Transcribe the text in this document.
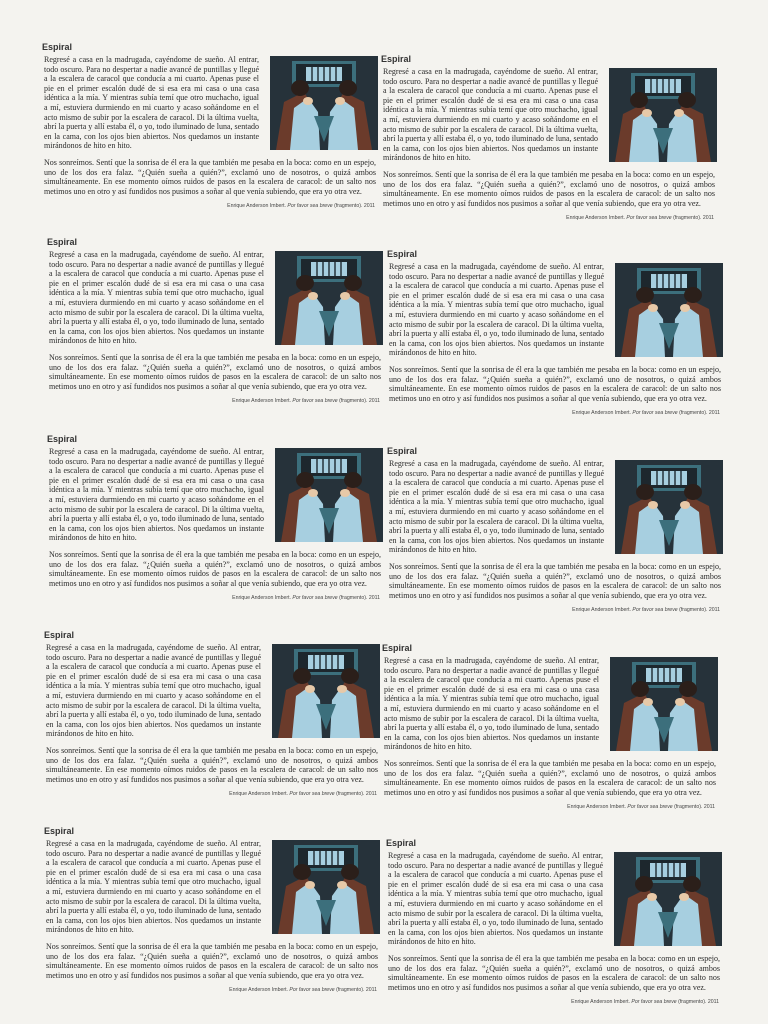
Espiral

Regresé a casa en la madrugada, cayéndome de sueño. Al entrar, todo oscuro. Para no despertar a nadie avancé de puntillas y llegué a la escalera de caracol que conducía a mi cuarto. Apenas puse el pie en el primer escalón dudé de si esa era mi casa o una casa idéntica a la mía. Y mientras subía temí que otro muchacho, igual a mí, estuviera durmiendo en mi cuarto y acaso soñándome en el acto mismo de subir por la escalera de caracol. Di la última vuelta, abrí la puerta y allí estaba él, o yo, todo iluminado de luna, sentado en la cama, con los ojos bien abiertos. Nos quedamos un instante mirándonos de hito en hito.

Nos sonreímos. Sentí que la sonrisa de él era la que también me pesaba en la boca: como en un espejo, uno de los dos era falaz. “¿Quién sueña a quién?”, exclamó uno de nosotros, o quizá ambos simultáneamente. En ese momento oímos ruidos de pasos en la escalera de caracol: de un salto nos metimos uno en otro y así fundidos nos pusimos a soñar al que venía subiendo, que era yo otra vez.

Enrique Anderson Imbert. Por favor sea breve (fragmento). 2011
Espiral

Regresé a casa en la madrugada, cayéndome de sueño. Al entrar, todo oscuro. Para no despertar a nadie avancé de puntillas y llegué a la escalera de caracol que conducía a mi cuarto. Apenas puse el pie en el primer escalón dudé de si esa era mi casa o una casa idéntica a la mía. Y mientras subía temí que otro muchacho, igual a mí, estuviera durmiendo en mi cuarto y acaso soñándome en el acto mismo de subir por la escalera de caracol. Di la última vuelta, abrí la puerta y allí estaba él, o yo, todo iluminado de luna, sentado en la cama, con los ojos bien abiertos. Nos quedamos un instante mirándonos de hito en hito.

Nos sonreímos. Sentí que la sonrisa de él era la que también me pesaba en la boca: como en un espejo, uno de los dos era falaz. “¿Quién sueña a quién?”, exclamó uno de nosotros, o quizá ambos simultáneamente. En ese momento oímos ruidos de pasos en la escalera de caracol: de un salto nos metimos uno en otro y así fundidos nos pusimos a soñar al que venía subiendo, que era yo otra vez.

Enrique Anderson Imbert. Por favor sea breve (fragmento). 2011
Espiral

Regresé a casa en la madrugada, cayéndome de sueño. Al entrar, todo oscuro. Para no despertar a nadie avancé de puntillas y llegué a la escalera de caracol que conducía a mi cuarto. Apenas puse el pie en el primer escalón dudé de si esa era mi casa o una casa idéntica a la mía. Y mientras subía temí que otro muchacho, igual a mí, estuviera durmiendo en mi cuarto y acaso soñándome en el acto mismo de subir por la escalera de caracol. Di la última vuelta, abrí la puerta y allí estaba él, o yo, todo iluminado de luna, sentado en la cama, con los ojos bien abiertos. Nos quedamos un instante mirándonos de hito en hito.

Nos sonreímos. Sentí que la sonrisa de él era la que también me pesaba en la boca: como en un espejo, uno de los dos era falaz. “¿Quién sueña a quién?”, exclamó uno de nosotros, o quizá ambos simultáneamente. En ese momento oímos ruidos de pasos en la escalera de caracol: de un salto nos metimos uno en otro y así fundidos nos pusimos a soñar al que venía subiendo, que era yo otra vez.

Enrique Anderson Imbert. Por favor sea breve (fragmento). 2011
Espiral

Regresé a casa en la madrugada, cayéndome de sueño. Al entrar, todo oscuro. Para no despertar a nadie avancé de puntillas y llegué a la escalera de caracol que conducía a mi cuarto. Apenas puse el pie en el primer escalón dudé de si esa era mi casa o una casa idéntica a la mía. Y mientras subía temí que otro muchacho, igual a mí, estuviera durmiendo en mi cuarto y acaso soñándome en el acto mismo de subir por la escalera de caracol. Di la última vuelta, abrí la puerta y allí estaba él, o yo, todo iluminado de luna, sentado en la cama, con los ojos bien abiertos. Nos quedamos un instante mirándonos de hito en hito.

Nos sonreímos. Sentí que la sonrisa de él era la que también me pesaba en la boca: como en un espejo, uno de los dos era falaz. “¿Quién sueña a quién?”, exclamó uno de nosotros, o quizá ambos simultáneamente. En ese momento oímos ruidos de pasos en la escalera de caracol: de un salto nos metimos uno en otro y así fundidos nos pusimos a soñar al que venía subiendo, que era yo otra vez.

Enrique Anderson Imbert. Por favor sea breve (fragmento). 2011
Espiral

Regresé a casa en la madrugada, cayéndome de sueño. Al entrar, todo oscuro. Para no despertar a nadie avancé de puntillas y llegué a la escalera de caracol que conducía a mi cuarto. Apenas puse el pie en el primer escalón dudé de si esa era mi casa o una casa idéntica a la mía. Y mientras subía temí que otro muchacho, igual a mí, estuviera durmiendo en mi cuarto y acaso soñándome en el acto mismo de subir por la escalera de caracol. Di la última vuelta, abrí la puerta y allí estaba él, o yo, todo iluminado de luna, sentado en la cama, con los ojos bien abiertos. Nos quedamos un instante mirándonos de hito en hito.

Nos sonreímos. Sentí que la sonrisa de él era la que también me pesaba en la boca: como en un espejo, uno de los dos era falaz. “¿Quién sueña a quién?”, exclamó uno de nosotros, o quizá ambos simultáneamente. En ese momento oímos ruidos de pasos en la escalera de caracol: de un salto nos metimos uno en otro y así fundidos nos pusimos a soñar al que venía subiendo, que era yo otra vez.

Enrique Anderson Imbert. Por favor sea breve (fragmento). 2011
Espiral

Regresé a casa en la madrugada, cayéndome de sueño. Al entrar, todo oscuro. Para no despertar a nadie avancé de puntillas y llegué a la escalera de caracol que conducía a mi cuarto. Apenas puse el pie en el primer escalón dudé de si esa era mi casa o una casa idéntica a la mía. Y mientras subía temí que otro muchacho, igual a mí, estuviera durmiendo en mi cuarto y acaso soñándome en el acto mismo de subir por la escalera de caracol. Di la última vuelta, abrí la puerta y allí estaba él, o yo, todo iluminado de luna, sentado en la cama, con los ojos bien abiertos. Nos quedamos un instante mirándonos de hito en hito.

Nos sonreímos. Sentí que la sonrisa de él era la que también me pesaba en la boca: como en un espejo, uno de los dos era falaz. “¿Quién sueña a quién?”, exclamó uno de nosotros, o quizá ambos simultáneamente. En ese momento oímos ruidos de pasos en la escalera de caracol: de un salto nos metimos uno en otro y así fundidos nos pusimos a soñar al que venía subiendo, que era yo otra vez.

Enrique Anderson Imbert. Por favor sea breve (fragmento). 2011
Espiral

Regresé a casa en la madrugada, cayéndome de sueño. Al entrar, todo oscuro. Para no despertar a nadie avancé de puntillas y llegué a la escalera de caracol que conducía a mi cuarto. Apenas puse el pie en el primer escalón dudé de si esa era mi casa o una casa idéntica a la mía. Y mientras subía temí que otro muchacho, igual a mí, estuviera durmiendo en mi cuarto y acaso soñándome en el acto mismo de subir por la escalera de caracol. Di la última vuelta, abrí la puerta y allí estaba él, o yo, todo iluminado de luna, sentado en la cama, con los ojos bien abiertos. Nos quedamos un instante mirándonos de hito en hito.

Nos sonreímos. Sentí que la sonrisa de él era la que también me pesaba en la boca: como en un espejo, uno de los dos era falaz. “¿Quién sueña a quién?”, exclamó uno de nosotros, o quizá ambos simultáneamente. En ese momento oímos ruidos de pasos en la escalera de caracol: de un salto nos metimos uno en otro y así fundidos nos pusimos a soñar al que venía subiendo, que era yo otra vez.

Enrique Anderson Imbert. Por favor sea breve (fragmento). 2011
Espiral

Regresé a casa en la madrugada, cayéndome de sueño. Al entrar, todo oscuro. Para no despertar a nadie avancé de puntillas y llegué a la escalera de caracol que conducía a mi cuarto. Apenas puse el pie en el primer escalón dudé de si esa era mi casa o una casa idéntica a la mía. Y mientras subía temí que otro muchacho, igual a mí, estuviera durmiendo en mi cuarto y acaso soñándome en el acto mismo de subir por la escalera de caracol. Di la última vuelta, abrí la puerta y allí estaba él, o yo, todo iluminado de luna, sentado en la cama, con los ojos bien abiertos. Nos quedamos un instante mirándonos de hito en hito.

Nos sonreímos. Sentí que la sonrisa de él era la que también me pesaba en la boca: como en un espejo, uno de los dos era falaz. “¿Quién sueña a quién?”, exclamó uno de nosotros, o quizá ambos simultáneamente. En ese momento oímos ruidos de pasos en la escalera de caracol: de un salto nos metimos uno en otro y así fundidos nos pusimos a soñar al que venía subiendo, que era yo otra vez.

Enrique Anderson Imbert. Por favor sea breve (fragmento). 2011
Espiral

Regresé a casa en la madrugada, cayéndome de sueño. Al entrar, todo oscuro. Para no despertar a nadie avancé de puntillas y llegué a la escalera de caracol que conducía a mi cuarto. Apenas puse el pie en el primer escalón dudé de si esa era mi casa o una casa idéntica a la mía. Y mientras subía temí que otro muchacho, igual a mí, estuviera durmiendo en mi cuarto y acaso soñándome en el acto mismo de subir por la escalera de caracol. Di la última vuelta, abrí la puerta y allí estaba él, o yo, todo iluminado de luna, sentado en la cama, con los ojos bien abiertos. Nos quedamos un instante mirándonos de hito en hito.

Nos sonreímos. Sentí que la sonrisa de él era la que también me pesaba en la boca: como en un espejo, uno de los dos era falaz. “¿Quién sueña a quién?”, exclamó uno de nosotros, o quizá ambos simultáneamente. En ese momento oímos ruidos de pasos en la escalera de caracol: de un salto nos metimos uno en otro y así fundidos nos pusimos a soñar al que venía subiendo, que era yo otra vez.

Enrique Anderson Imbert. Por favor sea breve (fragmento). 2011
Espiral

Regresé a casa en la madrugada, cayéndome de sueño. Al entrar, todo oscuro. Para no despertar a nadie avancé de puntillas y llegué a la escalera de caracol que conducía a mi cuarto. Apenas puse el pie en el primer escalón dudé de si esa era mi casa o una casa idéntica a la mía. Y mientras subía temí que otro muchacho, igual a mí, estuviera durmiendo en mi cuarto y acaso soñándome en el acto mismo de subir por la escalera de caracol. Di la última vuelta, abrí la puerta y allí estaba él, o yo, todo iluminado de luna, sentado en la cama, con los ojos bien abiertos. Nos quedamos un instante mirándonos de hito en hito.

Nos sonreímos. Sentí que la sonrisa de él era la que también me pesaba en la boca: como en un espejo, uno de los dos era falaz. “¿Quién sueña a quién?”, exclamó uno de nosotros, o quizá ambos simultáneamente. En ese momento oímos ruidos de pasos en la escalera de caracol: de un salto nos metimos uno en otro y así fundidos nos pusimos a soñar al que venía subiendo, que era yo otra vez.

Enrique Anderson Imbert. Por favor sea breve (fragmento). 2011
